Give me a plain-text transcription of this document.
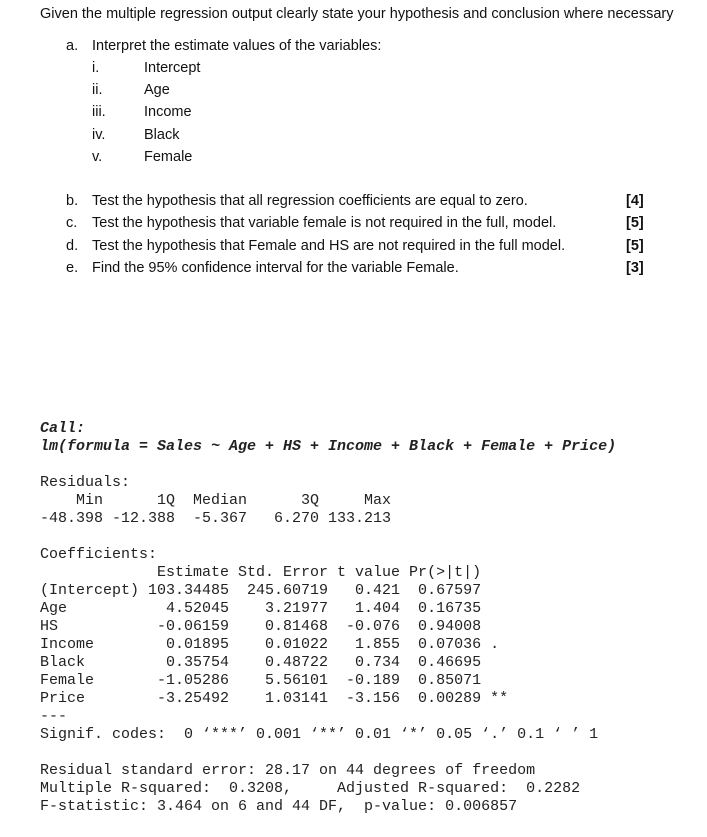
Given the multiple regression output clearly state your hypothesis and conclusion where necessary
a. Interpret the estimate values of the variables:
i.	Intercept
ii.	Age
iii.	Income
iv.	Black
v.	Female
b. Test the hypothesis that all regression coefficients are equal to zero.	[4]
c. Test the hypothesis that variable female is not required in the full, model.	[5]
d. Test the hypothesis that Female and HS are not required in the full model.	[5]
e. Find the 95% confidence interval for the variable Female.	[3]
Call:
lm(formula = Sales ~ Age + HS + Income + Black + Female + Price)
Residuals:
Min      1Q  Median      3Q     Max
-48.398 -12.388  -5.367   6.270 133.213
Coefficients:
Estimate Std. Error t value Pr(>|t|)
(Intercept) 103.34485  245.60719   0.421  0.67597
Age           4.52045    3.21977   1.404  0.16735
HS           -0.06159    0.81468  -0.076  0.94008
Income        0.01895    0.01022   1.855  0.07036 .
Black         0.35754    0.48722   0.734  0.46695
Female       -1.05286    5.56101  -0.189  0.85071
Price        -3.25492    1.03141  -3.156  0.00289 **
---
Signif. codes:  0 ‘***’ 0.001 ‘**’ 0.01 ‘*’ 0.05 ‘.’ 0.1 ‘ ’ 1
Residual standard error: 28.17 on 44 degrees of freedom
Multiple R-squared:  0.3208,     Adjusted R-squared:  0.2282
F-statistic: 3.464 on 6 and 44 DF,  p-value: 0.006857
